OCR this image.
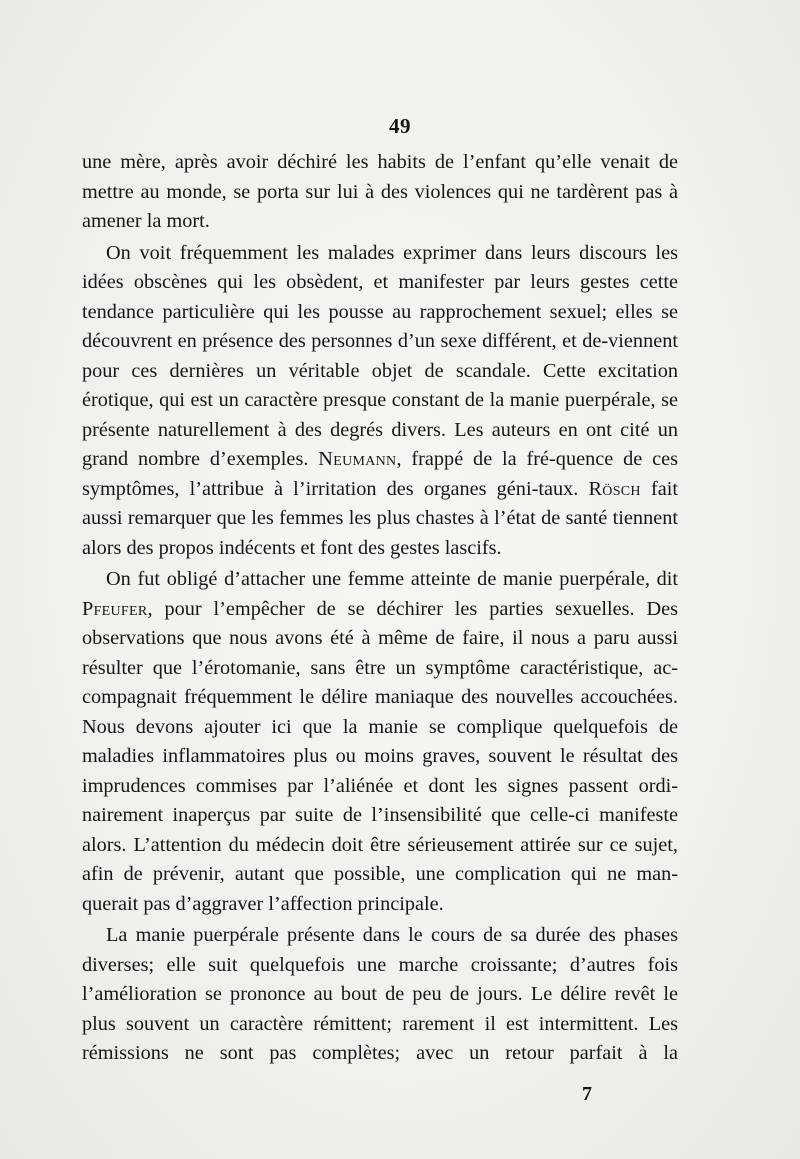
49

une mère, après avoir déchiré les habits de l’enfant qu’elle venait de mettre au monde, se porta sur lui à des violences qui ne tardèrent pas à amener la mort.

On voit fréquemment les malades exprimer dans leurs discours les idées obscènes qui les obsèdent, et manifester par leurs gestes cette tendance particulière qui les pousse au rapprochement sexuel; elles se découvrent en présence des personnes d’un sexe différent, et de-viennent pour ces dernières un véritable objet de scandale. Cette excitation érotique, qui est un caractère presque constant de la manie puerpérale, se présente naturellement à des degrés divers. Les auteurs en ont cité un grand nombre d’exemples. Neumann, frappé de la fré-quence de ces symptômes, l’attribue à l’irritation des organes géni-taux. Rösch fait aussi remarquer que les femmes les plus chastes à l’état de santé tiennent alors des propos indécents et font des gestes lascifs.

On fut obligé d’attacher une femme atteinte de manie puerpérale, dit Pfeufer, pour l’empêcher de se déchirer les parties sexuelles. Des observations que nous avons été à même de faire, il nous a paru aussi résulter que l’érotomanie, sans être un symptôme caractéristique, ac-compagnait fréquemment le délire maniaque des nouvelles accouchées. Nous devons ajouter ici que la manie se complique quelquefois de maladies inflammatoires plus ou moins graves, souvent le résultat des imprudences commises par l’aliénée et dont les signes passent ordi-nairement inaperçus par suite de l’insensibilité que celle-ci manifeste alors. L’attention du médecin doit être sérieusement attirée sur ce sujet, afin de prévenir, autant que possible, une complication qui ne man-querait pas d’aggraver l’affection principale.

La manie puerpérale présente dans le cours de sa durée des phases diverses; elle suit quelquefois une marche croissante; d’autres fois l’amélioration se prononce au bout de peu de jours. Le délire revêt le plus souvent un caractère rémittent; rarement il est intermittent. Les rémissions ne sont pas complètes; avec un retour parfait à la

7
